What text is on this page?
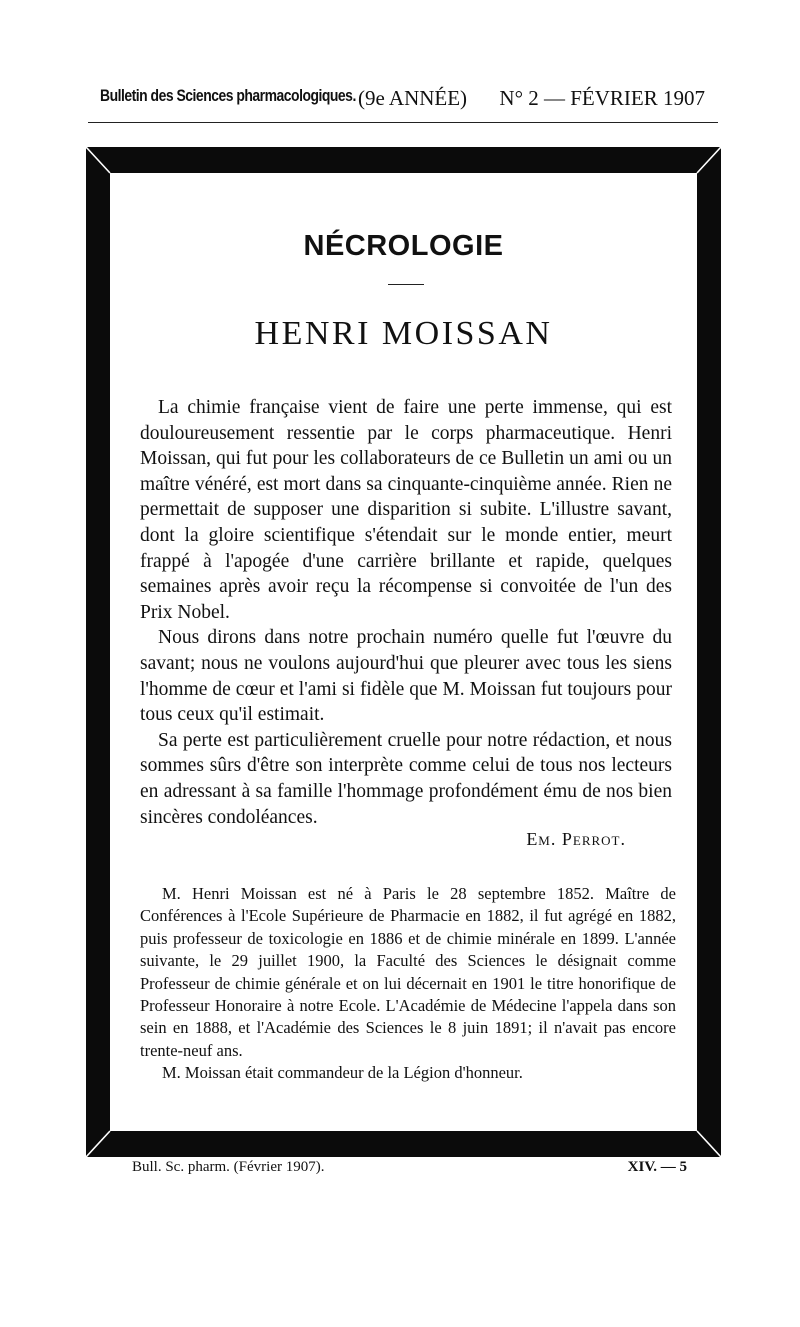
Bulletin des Sciences pharmacologiques. (9e ANNÉE) N° 2 — FÉVRIER 1907
NÉCROLOGIE
HENRI MOISSAN

La chimie française vient de faire une perte immense, qui est douloureusement ressentie par le corps pharmaceutique. Henri Moissan, qui fut pour les collaborateurs de ce Bulletin un ami ou un maître vénéré, est mort dans sa cinquante-cinquième année. Rien ne permettait de supposer une disparition si subite. L'illustre savant, dont la gloire scientifique s'étendait sur le monde entier, meurt frappé à l'apogée d'une carrière brillante et rapide, quelques semaines après avoir reçu la récompense si convoitée de l'un des Prix Nobel.

Nous dirons dans notre prochain numéro quelle fut l'œuvre du savant; nous ne voulons aujourd'hui que pleurer avec tous les siens l'homme de cœur et l'ami si fidèle que M. Moissan fut toujours pour tous ceux qu'il estimait.

Sa perte est particulièrement cruelle pour notre rédaction, et nous sommes sûrs d'être son interprète comme celui de tous nos lecteurs en adressant à sa famille l'hommage profondément ému de nos bien sincères condoléances.

Em. Perrot.

M. Henri Moissan est né à Paris le 28 septembre 1852. Maître de Conférences à l'Ecole Supérieure de Pharmacie en 1882, il fut agrégé en 1882, puis professeur de toxicologie en 1886 et de chimie minérale en 1899. L'année suivante, le 29 juillet 1900, la Faculté des Sciences le désignait comme Professeur de chimie générale et on lui décernait en 1901 le titre honorifique de Professeur Honoraire à notre Ecole. L'Académie de Médecine l'appela dans son sein en 1888, et l'Académie des Sciences le 8 juin 1891; il n'avait pas encore trente-neuf ans.

M. Moissan était commandeur de la Légion d'honneur.

Bull. Sc. pharm. (Février 1907).	XIV. — 5
